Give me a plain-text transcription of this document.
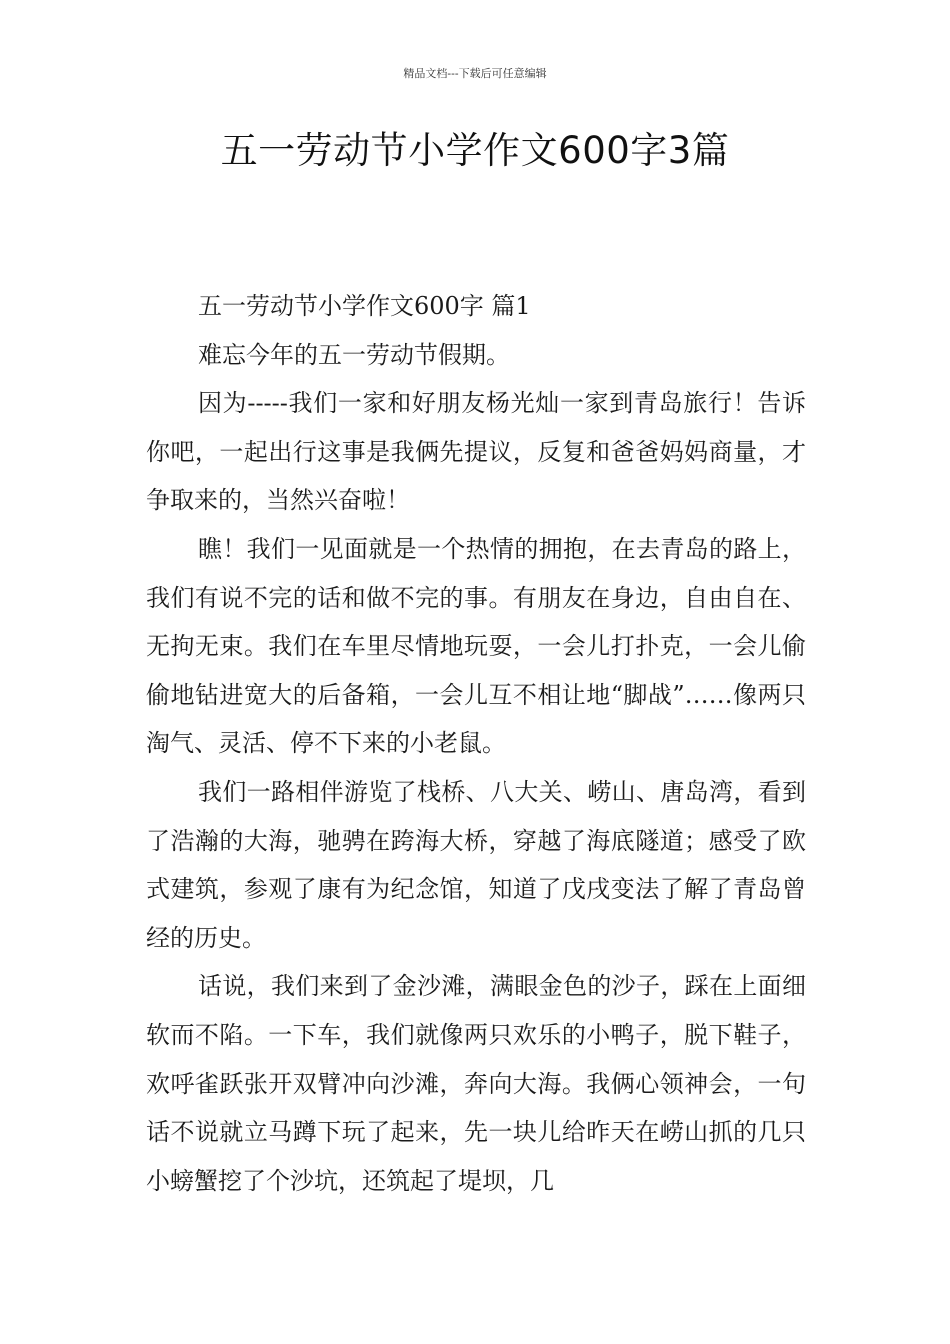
精品文档---下载后可任意编辑
五一劳动节小学作文600字3篇

五一劳动节小学作文600字 篇1

难忘今年的五一劳动节假期。

因为-----我们一家和好朋友杨光灿一家到青岛旅行！告诉你吧，一起出行这事是我俩先提议，反复和爸爸妈妈商量，才争取来的，当然兴奋啦！

瞧！我们一见面就是一个热情的拥抱，在去青岛的路上，我们有说不完的话和做不完的事。有朋友在身边，自由自在、无拘无束。我们在车里尽情地玩耍，一会儿打扑克，一会儿偷偷地钻进宽大的后备箱，一会儿互不相让地“脚战”……像两只淘气、灵活、停不下来的小老鼠。

我们一路相伴游览了栈桥、八大关、崂山、唐岛湾，看到了浩瀚的大海，驰骋在跨海大桥，穿越了海底隧道；感受了欧式建筑，参观了康有为纪念馆，知道了戊戌变法了解了青岛曾经的历史。

话说，我们来到了金沙滩，满眼金色的沙子，踩在上面细软而不陷。一下车，我们就像两只欢乐的小鸭子，脱下鞋子，欢呼雀跃张开双臂冲向沙滩，奔向大海。我俩心领神会，一句话不说就立马蹲下玩了起来，先一块儿给昨天在崂山抓的几只小螃蟹挖了个沙坑，还筑起了堤坝，几
